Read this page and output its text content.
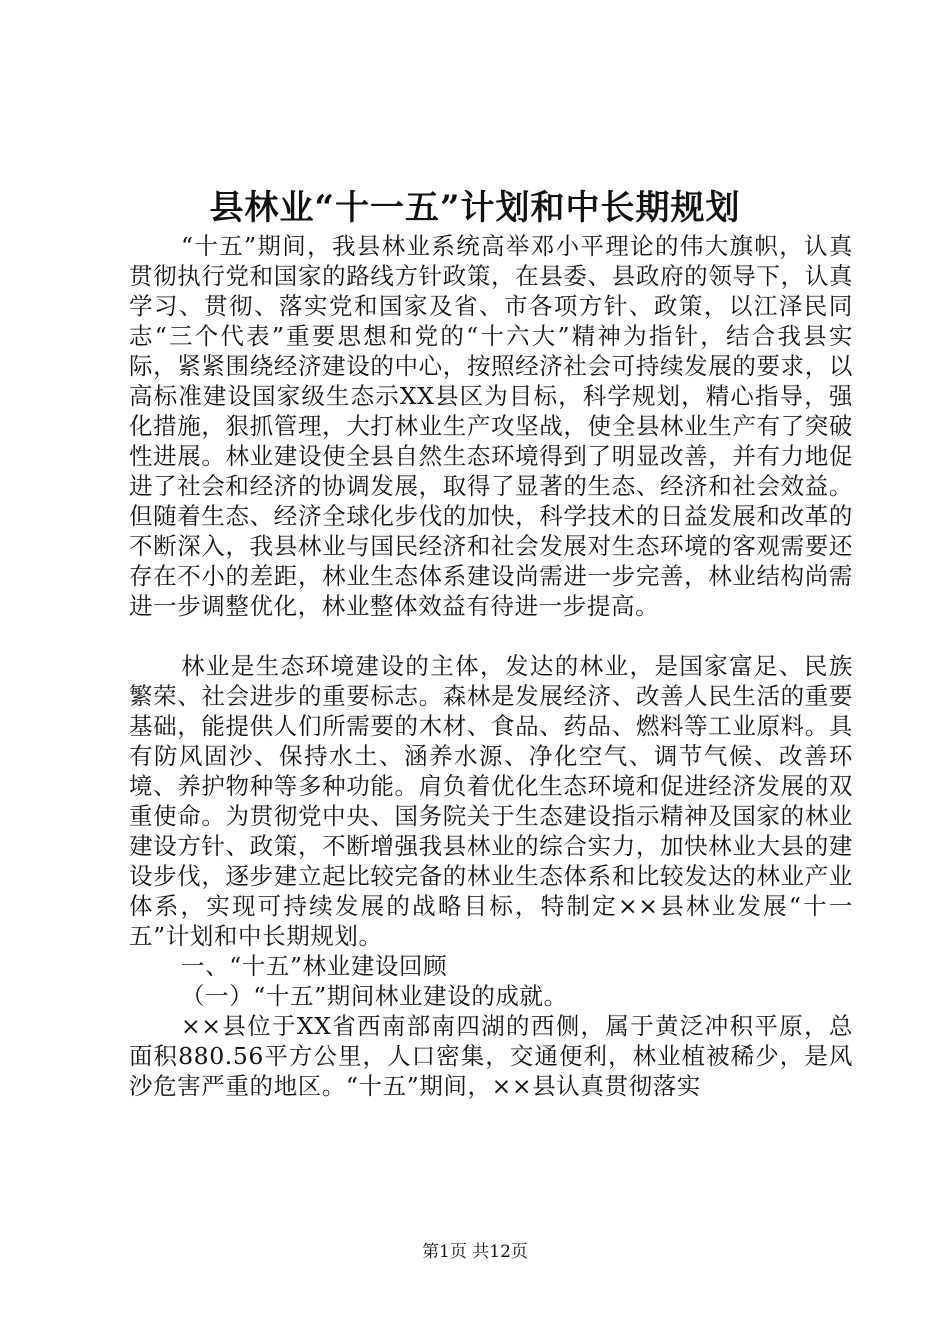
县林业“十一五”计划和中长期规划

“十五”期间，我县林业系统高举邓小平理论的伟大旗帜，认真贯彻执行党和国家的路线方针政策，在县委、县政府的领导下，认真学习、贯彻、落实党和国家及省、市各项方针、政策，以江泽民同志“三个代表”重要思想和党的“十六大”精神为指针，结合我县实际，紧紧围绕经济建设的中心，按照经济社会可持续发展的要求，以高标准建设国家级生态示XX县区为目标，科学规划，精心指导，强化措施，狠抓管理，大打林业生产攻坚战，使全县林业生产有了突破性进展。林业建设使全县自然生态环境得到了明显改善，并有力地促进了社会和经济的协调发展，取得了显著的生态、经济和社会效益。但随着生态、经济全球化步伐的加快，科学技术的日益发展和改革的不断深入，我县林业与国民经济和社会发展对生态环境的客观需要还存在不小的差距，林业生态体系建设尚需进一步完善，林业结构尚需进一步调整优化，林业整体效益有待进一步提高。

林业是生态环境建设的主体，发达的林业，是国家富足、民族繁荣、社会进步的重要标志。森林是发展经济、改善人民生活的重要基础，能提供人们所需要的木材、食品、药品、燃料等工业原料。具有防风固沙、保持水土、涵养水源、净化空气、调节气候、改善环境、养护物种等多种功能。肩负着优化生态环境和促进经济发展的双重使命。为贯彻党中央、国务院关于生态建设指示精神及国家的林业建设方针、政策，不断增强我县林业的综合实力，加快林业大县的建设步伐，逐步建立起比较完备的林业生态体系和比较发达的林业产业体系，实现可持续发展的战略目标，特制定××县林业发展“十一五”计划和中长期规划。

一、“十五”林业建设回顾

（一）“十五”期间林业建设的成就。

××县位于XX省西南部南四湖的西侧，属于黄泛冲积平原，总面积880.56平方公里，人口密集，交通便利，林业植被稀少，是风沙危害严重的地区。“十五”期间，××县认真贯彻落实

第1页 共12页
